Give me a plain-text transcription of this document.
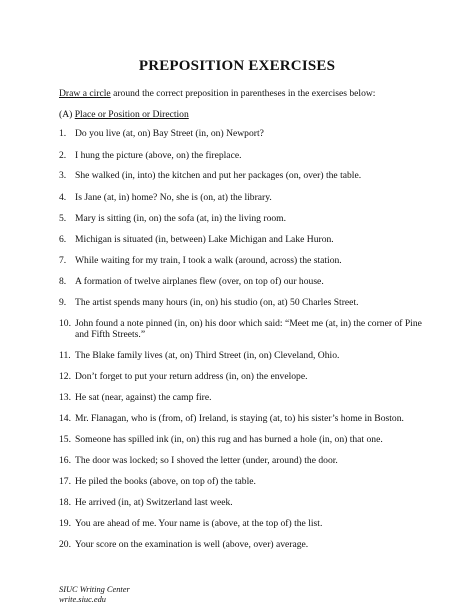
PREPOSITION EXERCISES
Draw a circle around the correct preposition in parentheses in the exercises below:
(A) Place or Position or Direction
1. Do you live (at, on) Bay Street (in, on) Newport?
2. I hung the picture (above, on) the fireplace.
3. She walked (in, into) the kitchen and put her packages (on, over) the table.
4. Is Jane (at, in) home? No, she is (on, at) the library.
5. Mary is sitting (in, on) the sofa (at, in) the living room.
6. Michigan is situated (in, between) Lake Michigan and Lake Huron.
7. While waiting for my train, I took a walk (around, across) the station.
8. A formation of twelve airplanes flew (over, on top of) our house.
9. The artist spends many hours (in, on) his studio (on, at) 50 Charles Street.
10. John found a note pinned (in, on) his door which said: “Meet me (at, in) the corner of Pine and Fifth Streets.”
11. The Blake family lives (at, on) Third Street (in, on) Cleveland, Ohio.
12. Don’t forget to put your return address (in, on) the envelope.
13. He sat (near, against) the camp fire.
14. Mr. Flanagan, who is (from, of) Ireland, is staying (at, to) his sister’s home in Boston.
15. Someone has spilled ink (in, on) this rug and has burned a hole (in, on) that one.
16. The door was locked; so I shoved the letter (under, around) the door.
17. He piled the books (above, on top of) the table.
18. He arrived (in, at) Switzerland last week.
19. You are ahead of me. Your name is (above, at the top of) the list.
20. Your score on the examination is well (above, over) average.
SIUC Writing Center
write.siuc.edu
